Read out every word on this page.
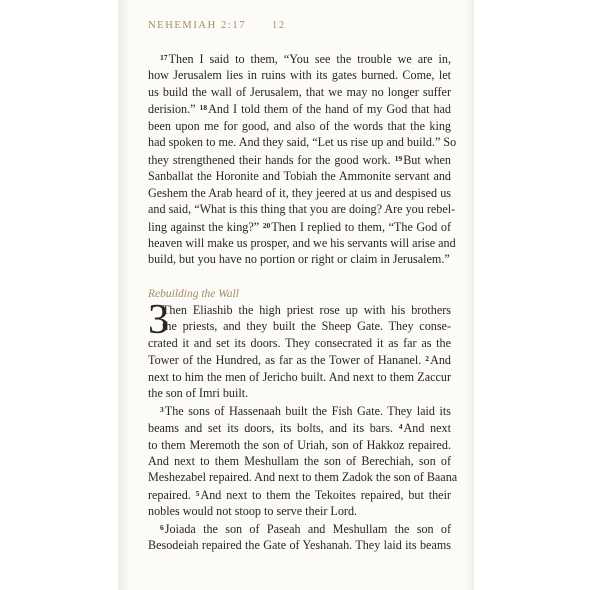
NEHEMIAH 2:17 12
$^{17}$Then I said to them, “You see the trouble we are in,
how Jerusalem lies in ruins with its gates burned. Come, let
us build the wall of Jerusalem, that we may no longer suffer
derision.” $^{18}$And I told them of the hand of my God that had
been upon me for good, and also of the words that the king
had spoken to me. And they said, “Let us rise up and build.” So
they strengthened their hands for the good work. $^{19}$But when
Sanballat the Horonite and Tobiah the Ammonite servant and
Geshem the Arab heard of it, they jeered at us and despised us
and said, “What is this thing that you are doing? Are you rebel-
ling against the king?” $^{20}$Then I replied to them, “The God of
heaven will make us prosper, and we his servants will arise and
build, but you have no portion or right or claim in Jerusalem.”
Rebuilding the Wall
3
Then Eliashib the high priest rose up with his brothers
the priests, and they built the Sheep Gate. They conse-
crated it and set its doors. They consecrated it as far as the
Tower of the Hundred, as far as the Tower of Hananel. $^2$And
next to him the men of Jericho built. And next to them Zaccur
the son of Imri built.
$^3$The sons of Hassenaah built the Fish Gate. They laid its
beams and set its doors, its bolts, and its bars. $^4$And next
to them Meremoth the son of Uriah, son of Hakkoz repaired.
And next to them Meshullam the son of Berechiah, son of
Meshezabel repaired. And next to them Zadok the son of Baana
repaired. $^5$And next to them the Tekoites repaired, but their
nobles would not stoop to serve their Lord.
$^6$Joiada the son of Paseah and Meshullam the son of
Besodeiah repaired the Gate of Yeshanah. They laid its beams
